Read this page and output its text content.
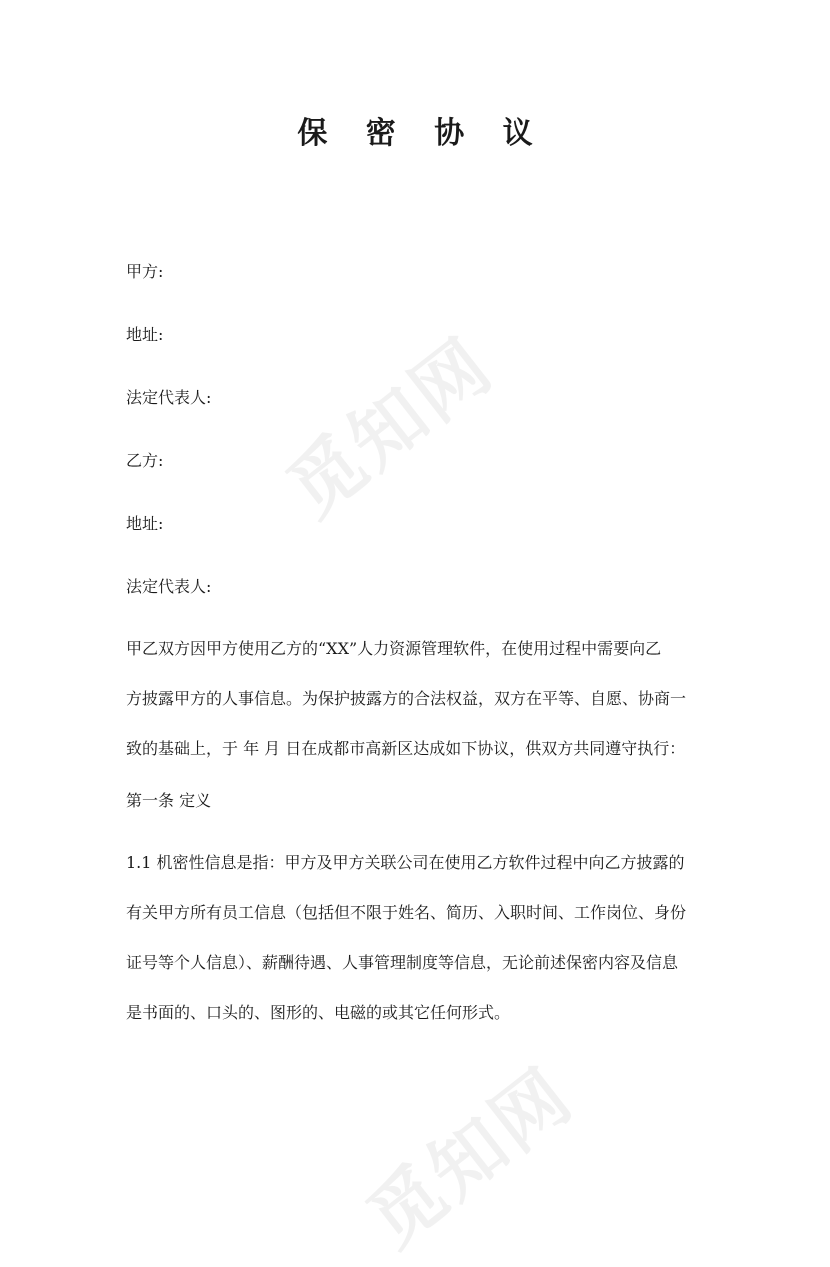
觅知网
觅知网
保 密 协 议
甲方:
地址:
法定代表人:
乙方:
地址:
法定代表人:
甲乙双方因甲方使用乙方的“XX”人力资源管理软件，在使用过程中需要向乙
方披露甲方的人事信息。为保护披露方的合法权益，双方在平等、自愿、协商一
致的基础上，于 年 月 日在成都市高新区达成如下协议，供双方共同遵守执行：
第一条 定义
1.1 机密性信息是指：甲方及甲方关联公司在使用乙方软件过程中向乙方披露的
有关甲方所有员工信息（包括但不限于姓名、简历、入职时间、工作岗位、身份
证号等个人信息）、薪酬待遇、人事管理制度等信息，无论前述保密内容及信息
是书面的、口头的、图形的、电磁的或其它任何形式。
